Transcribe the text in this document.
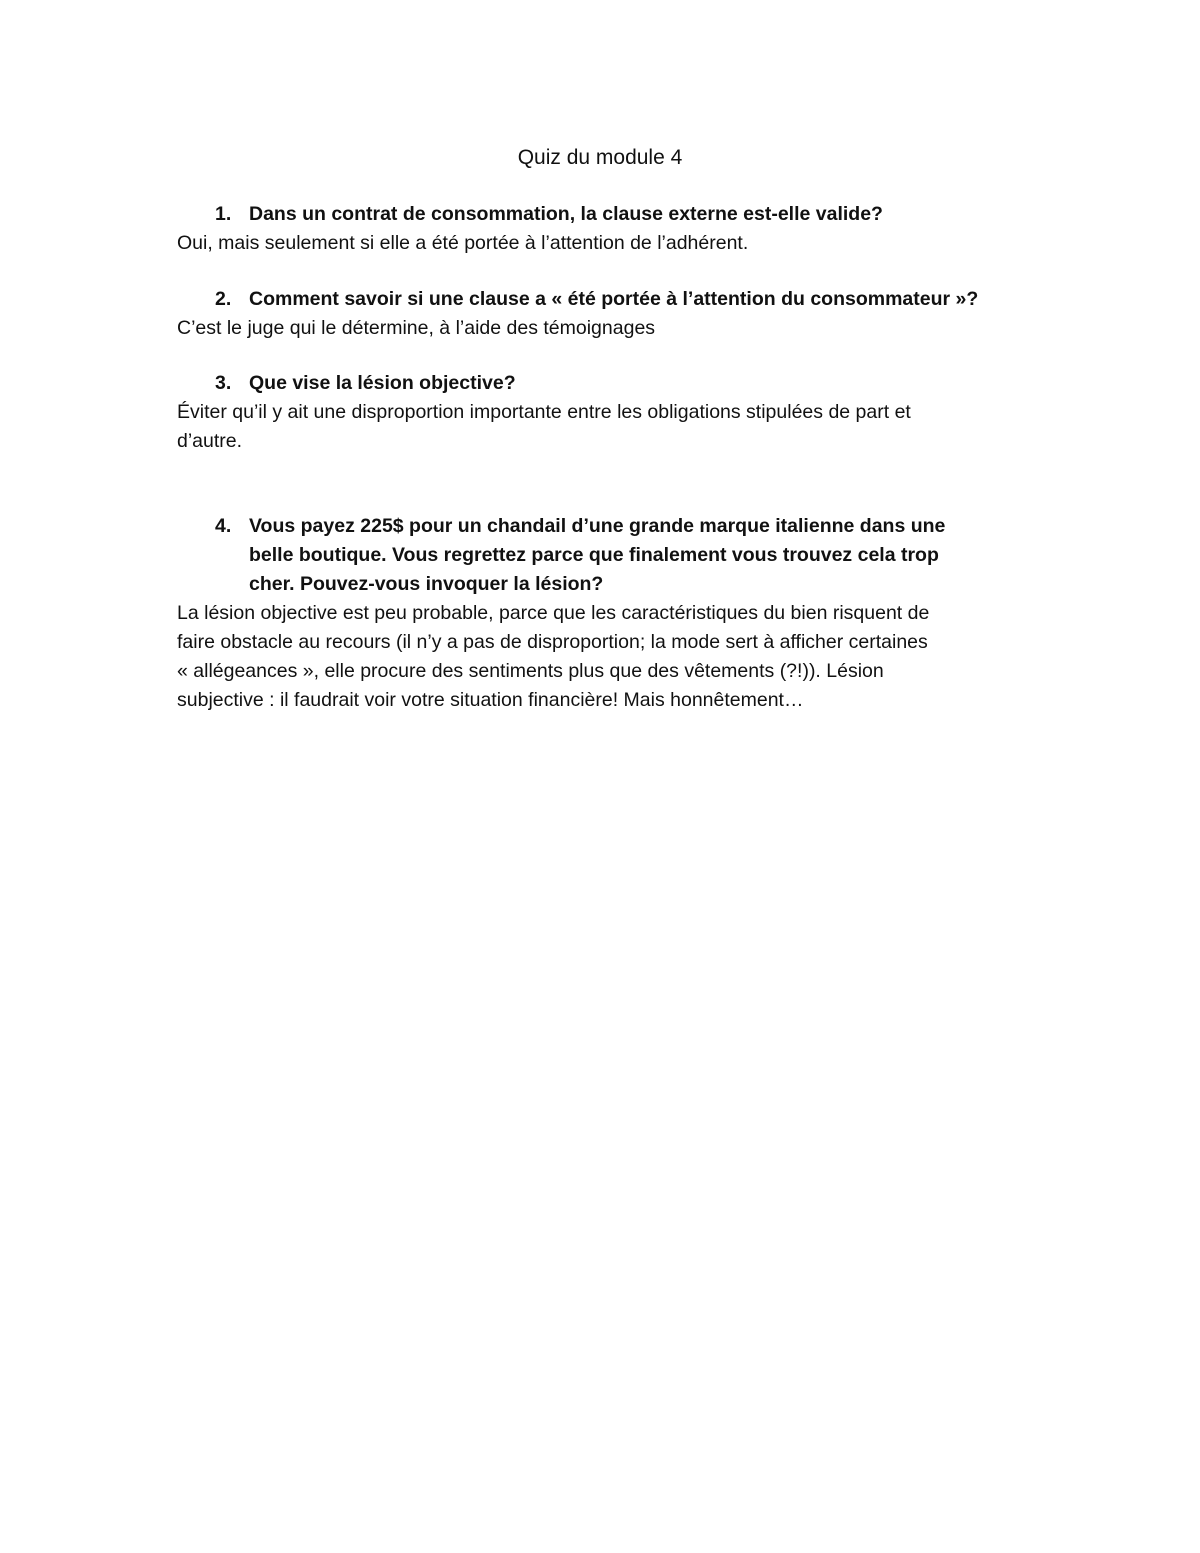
Quiz du module 4
1. Dans un contrat de consommation, la clause externe est-elle valide?
Oui, mais seulement si elle a été portée à l’attention de l’adhérent.
2. Comment savoir si une clause a « été portée à l’attention du consommateur »?
C’est le juge qui le détermine, à l’aide des témoignages
3. Que vise la lésion objective?
Éviter qu’il y ait une disproportion importante entre les obligations stipulées de part et
d’autre.
4. Vous payez 225$ pour un chandail d’une grande marque italienne dans une
belle boutique. Vous regrettez parce que finalement vous trouvez cela trop
cher. Pouvez-vous invoquer la lésion?
La lésion objective est peu probable, parce que les caractéristiques du bien risquent de
faire obstacle au recours (il n’y a pas de disproportion; la mode sert à afficher certaines
« allégeances », elle procure des sentiments plus que des vêtements (?!)). Lésion
subjective : il faudrait voir votre situation financière! Mais honnêtement…
